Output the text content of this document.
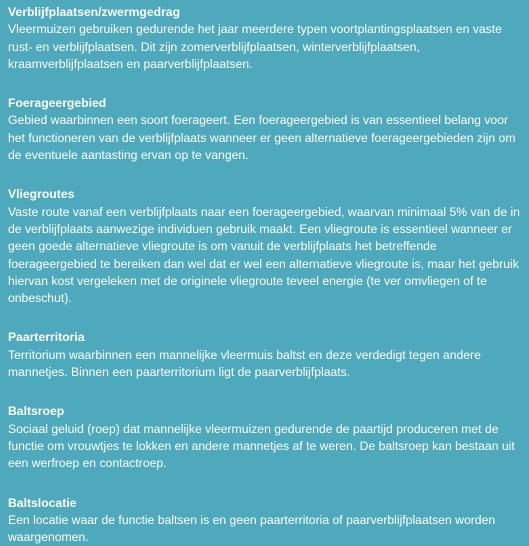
Verblijfplaatsen/zwermgedrag

Vleermuizen gebruiken gedurende het jaar meerdere typen voortplantingsplaatsen en vaste rust- en verblijfplaatsen. Dit zijn zomerverblijfplaatsen, winterverblijfplaatsen, kraamverblijfplaatsen en paarverblijfplaatsen.

Foerageergebied

Gebied waarbinnen een soort foerageert. Een foerageergebied is van essentieel belang voor het functioneren van de verblijfplaats wanneer er geen alternatieve foerageergebieden zijn om de eventuele aantasting ervan op te vangen.

Vliegroutes

Vaste route vanaf een verblijfplaats naar een foerageergebied, waarvan minimaal 5% van de in de verblijfplaats aanwezige individuen gebruik maakt. Een vliegroute is essentieel wanneer er geen goede alternatieve vliegroute is om vanuit de verblijfplaats het betreffende foerageergebied te bereiken dan wel dat er wel een alternatieve vliegroute is, maar het gebruik hiervan kost vergeleken met de originele vliegroute teveel energie (te ver omvliegen of te onbeschut).

Paarterritoria

Territorium waarbinnen een mannelijke vleermuis baltst en deze verdedigt tegen andere mannetjes. Binnen een paarterritorium ligt de paarverblijfplaats.

Baltsroep

Sociaal geluid (roep) dat mannelijke vleermuizen gedurende de paartijd produceren met de functie om vrouwtjes te lokken en andere mannetjes af te weren. De baltsroep kan bestaan uit een werfroep en contactroep.

Baltslocatie

Een locatie waar de functie baltsen is en geen paarterritoria of paarverblijfplaatsen worden waargenomen.
